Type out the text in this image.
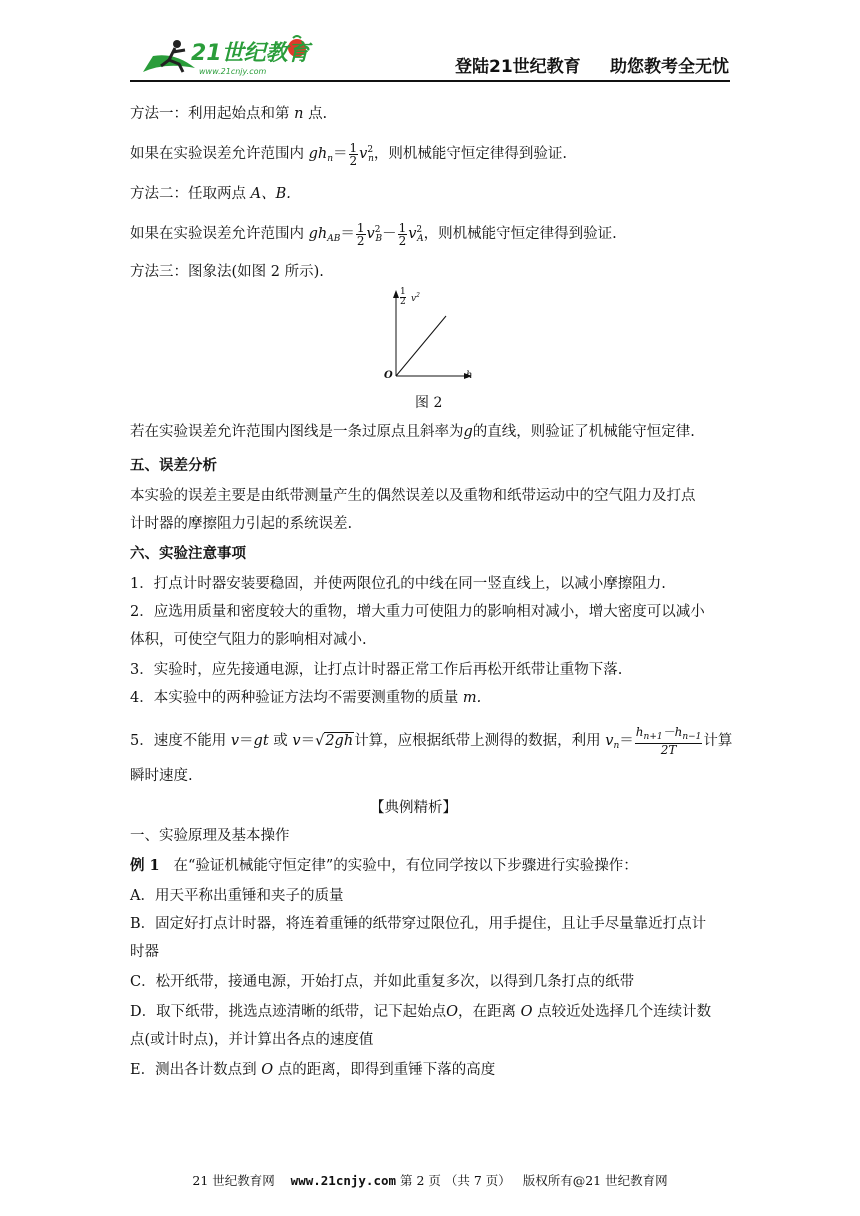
21世纪教育
www.21cnjy.com	登陆21世纪教育 助您教考全无忧
方法一：利用起始点和第 n 点.
如果在实验误差允许范围内 $gh_n= \frac{1}{2} v^2_n$，则机械能守恒定律得到验证.
方法二：任取两点 A、B.
如果在实验误差允许范围内 $gh_{AB}= \frac{1}{2} v^2_B- \frac{1}{2} v^2_A$，则机械能守恒定律得到验证.
方法三：图象法(如图 2 所示).
1
2 $v^2$
O	h
图 2
若在实验误差允许范围内图线是一条过原点且斜率为g的直线，则验证了机械能守恒定律.
五、误差分析
本实验的误差主要是由纸带测量产生的偶然误差以及重物和纸带运动中的空气阻力及打点
计时器的摩擦阻力引起的系统误差.
六、实验注意事项
1．打点计时器安装要稳固，并使两限位孔的中线在同一竖直线上，以减小摩擦阻力.
2．应选用质量和密度较大的重物，增大重力可使阻力的影响相对减小，增大密度可以减小
体积，可使空气阻力的影响相对减小.
3．实验时，应先接通电源，让打点计时器正常工作后再松开纸带让重物下落.
4．本实验中的两种验证方法均不需要测重物的质量 m.
5．速度不能用 v＝gt 或 v＝√2gh计算，应根据纸带上测得的数据，利用 $v_n= \frac{h_{n+1}-h_{n-1}}{2T}$ 计算
瞬时速度.
【典例精析】
一、实验原理及基本操作
例 1 在“验证机械能守恒定律”的实验中，有位同学按以下步骤进行实验操作：
A．用天平称出重锤和夹子的质量
B．固定好打点计时器，将连着重锤的纸带穿过限位孔，用手提住，且让手尽量靠近打点计
时器
C．松开纸带，接通电源，开始打点，并如此重复多次，以得到几条打点的纸带
D．取下纸带，挑选点迹清晰的纸带，记下起始点O，在距离 O 点较近处选择几个连续计数
点(或计时点)，并计算出各点的速度值
E．测出各计数点到 O 点的距离，即得到重锤下落的高度
21 世纪教育网 www.21cnjy.com 第 2 页 （共 7 页） 版权所有@21 世纪教育网
